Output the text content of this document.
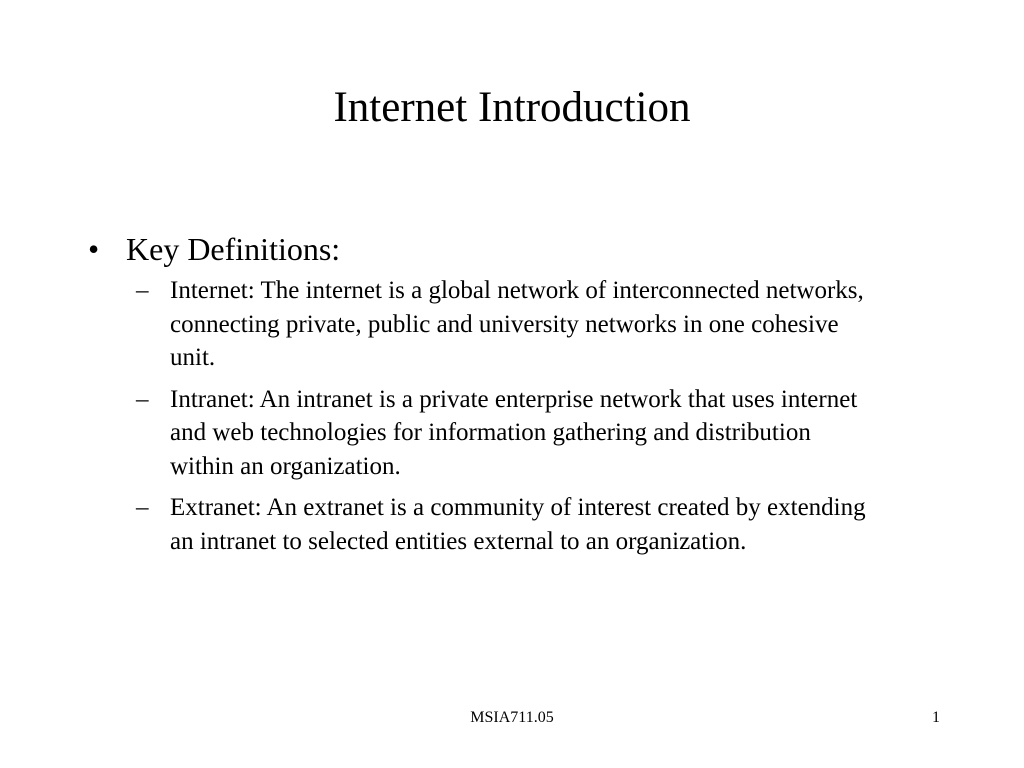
Internet Introduction
• Key Definitions:
– Internet: The internet is a global network of interconnected networks, connecting private, public and university networks in one cohesive unit.
– Intranet: An intranet is a private enterprise network that uses internet and web technologies for information gathering and distribution within an organization.
– Extranet: An extranet is a community of interest created by extending an intranet to selected entities external to an organization.
MSIA711.05	1
